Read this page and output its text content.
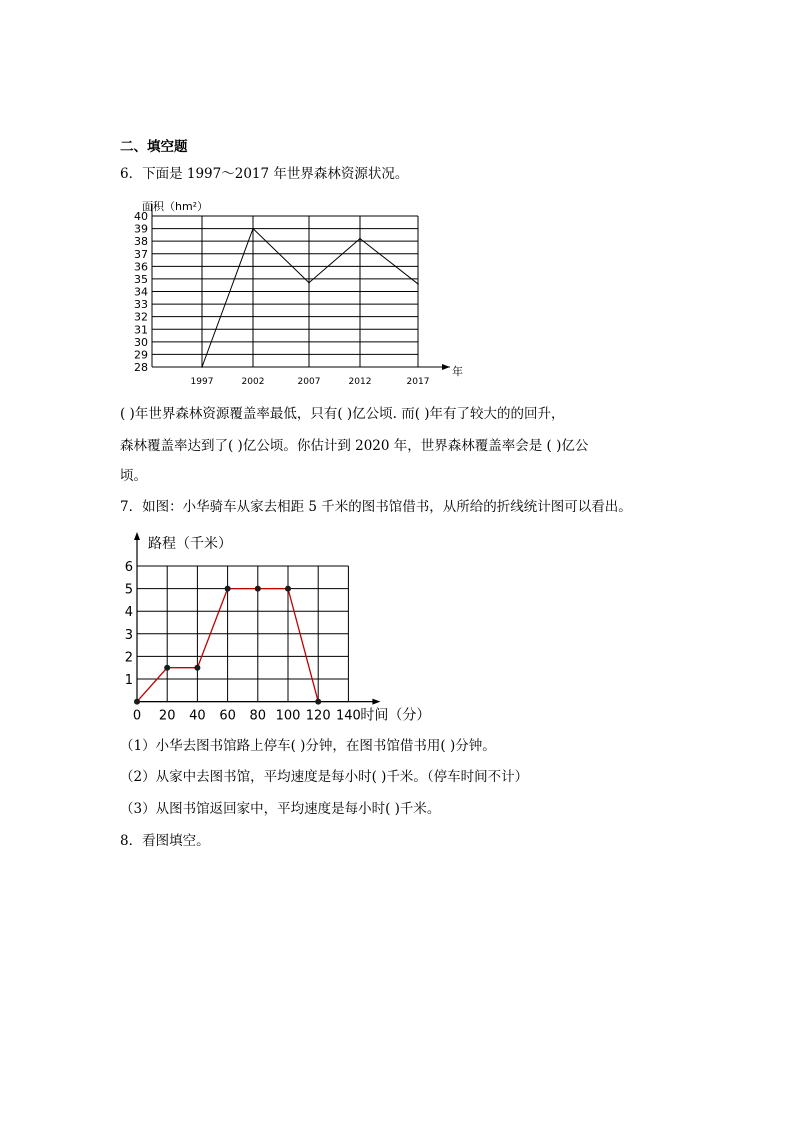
二、填空题
6．下面是 1997～2017 年世界森林资源状况。
40
39
38
37
36
35
34
33
32
31
30
29
28
1997	2002	2007	2012	2017
面积（hm²）
年
( )年世界森林资源覆盖率最低，只有( )亿公顷. 而( )年有了较大的的回升，
森林覆盖率达到了( )亿公顷。你估计到 2020 年，世界森林覆盖率会是 ( )亿公
顷。
7．如图：小华骑车从家去相距 5 千米的图书馆借书，从所给的折线统计图可以看出。
1
2
3
4
5
6
0 20 40 60 80 100 120 140
路程（千米）
时间（分）
（1）小华去图书馆路上停车( )分钟，在图书馆借书用( )分钟。
（2）从家中去图书馆，平均速度是每小时( )千米。（停车时间不计）
（3）从图书馆返回家中，平均速度是每小时( )千米。
8．看图填空。
